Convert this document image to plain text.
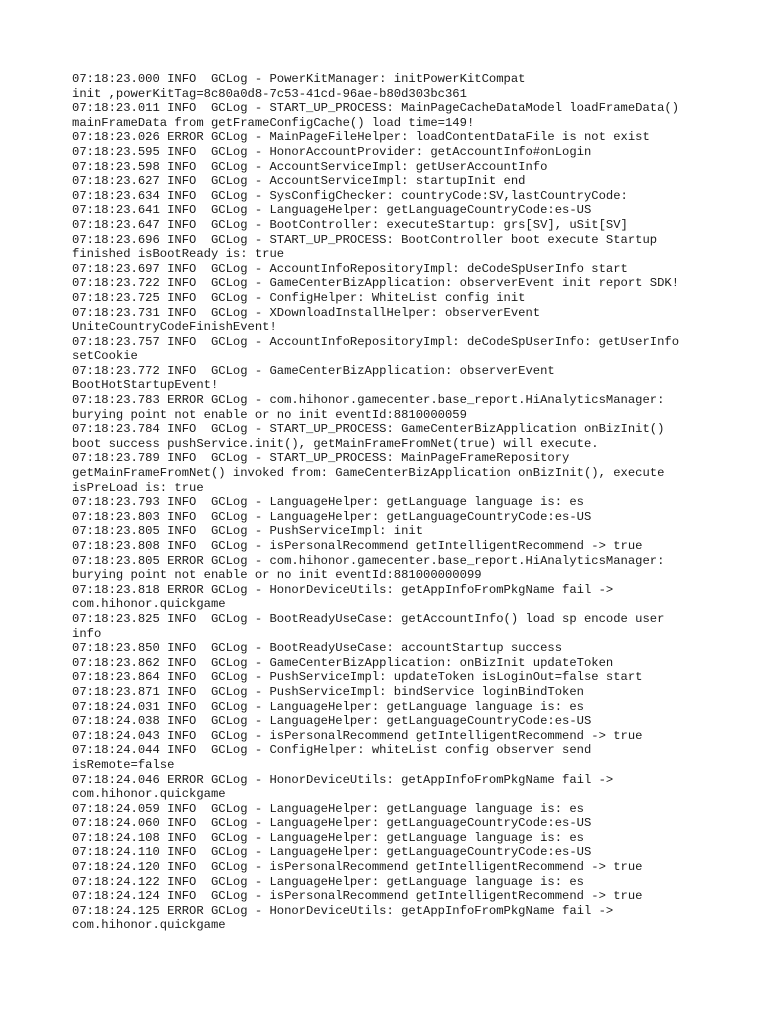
07:18:23.000 INFO  GCLog - PowerKitManager: initPowerKitCompat
init ,powerKitTag=8c80a0d8-7c53-41cd-96ae-b80d303bc361
07:18:23.011 INFO  GCLog - START_UP_PROCESS: MainPageCacheDataModel loadFrameData()
mainFrameData from getFrameConfigCache() load time=149!
07:18:23.026 ERROR GCLog - MainPageFileHelper: loadContentDataFile is not exist
07:18:23.595 INFO  GCLog - HonorAccountProvider: getAccountInfo#onLogin
07:18:23.598 INFO  GCLog - AccountServiceImpl: getUserAccountInfo
07:18:23.627 INFO  GCLog - AccountServiceImpl: startupInit end
07:18:23.634 INFO  GCLog - SysConfigChecker: countryCode:SV,lastCountryCode:
07:18:23.641 INFO  GCLog - LanguageHelper: getLanguageCountryCode:es-US
07:18:23.647 INFO  GCLog - BootController: executeStartup: grs[SV], uSit[SV]
07:18:23.696 INFO  GCLog - START_UP_PROCESS: BootController boot execute Startup
finished isBootReady is: true
07:18:23.697 INFO  GCLog - AccountInfoRepositoryImpl: deCodeSpUserInfo start
07:18:23.722 INFO  GCLog - GameCenterBizApplication: observerEvent init report SDK!
07:18:23.725 INFO  GCLog - ConfigHelper: WhiteList config init
07:18:23.731 INFO  GCLog - XDownloadInstallHelper: observerEvent
UniteCountryCodeFinishEvent!
07:18:23.757 INFO  GCLog - AccountInfoRepositoryImpl: deCodeSpUserInfo: getUserInfo
setCookie
07:18:23.772 INFO  GCLog - GameCenterBizApplication: observerEvent
BootHotStartupEvent!
07:18:23.783 ERROR GCLog - com.hihonor.gamecenter.base_report.HiAnalyticsManager:
burying point not enable or no init eventId:8810000059
07:18:23.784 INFO  GCLog - START_UP_PROCESS: GameCenterBizApplication onBizInit()
boot success pushService.init(), getMainFrameFromNet(true) will execute.
07:18:23.789 INFO  GCLog - START_UP_PROCESS: MainPageFrameRepository
getMainFrameFromNet() invoked from: GameCenterBizApplication onBizInit(), execute
isPreLoad is: true
07:18:23.793 INFO  GCLog - LanguageHelper: getLanguage language is: es
07:18:23.803 INFO  GCLog - LanguageHelper: getLanguageCountryCode:es-US
07:18:23.805 INFO  GCLog - PushServiceImpl: init
07:18:23.808 INFO  GCLog - isPersonalRecommend getIntelligentRecommend -> true
07:18:23.805 ERROR GCLog - com.hihonor.gamecenter.base_report.HiAnalyticsManager:
burying point not enable or no init eventId:881000000099
07:18:23.818 ERROR GCLog - HonorDeviceUtils: getAppInfoFromPkgName fail ->
com.hihonor.quickgame
07:18:23.825 INFO  GCLog - BootReadyUseCase: getAccountInfo() load sp encode user
info
07:18:23.850 INFO  GCLog - BootReadyUseCase: accountStartup success
07:18:23.862 INFO  GCLog - GameCenterBizApplication: onBizInit updateToken
07:18:23.864 INFO  GCLog - PushServiceImpl: updateToken isLoginOut=false start
07:18:23.871 INFO  GCLog - PushServiceImpl: bindService loginBindToken
07:18:24.031 INFO  GCLog - LanguageHelper: getLanguage language is: es
07:18:24.038 INFO  GCLog - LanguageHelper: getLanguageCountryCode:es-US
07:18:24.043 INFO  GCLog - isPersonalRecommend getIntelligentRecommend -> true
07:18:24.044 INFO  GCLog - ConfigHelper: whiteList config observer send
isRemote=false
07:18:24.046 ERROR GCLog - HonorDeviceUtils: getAppInfoFromPkgName fail ->
com.hihonor.quickgame
07:18:24.059 INFO  GCLog - LanguageHelper: getLanguage language is: es
07:18:24.060 INFO  GCLog - LanguageHelper: getLanguageCountryCode:es-US
07:18:24.108 INFO  GCLog - LanguageHelper: getLanguage language is: es
07:18:24.110 INFO  GCLog - LanguageHelper: getLanguageCountryCode:es-US
07:18:24.120 INFO  GCLog - isPersonalRecommend getIntelligentRecommend -> true
07:18:24.122 INFO  GCLog - LanguageHelper: getLanguage language is: es
07:18:24.124 INFO  GCLog - isPersonalRecommend getIntelligentRecommend -> true
07:18:24.125 ERROR GCLog - HonorDeviceUtils: getAppInfoFromPkgName fail ->
com.hihonor.quickgame
